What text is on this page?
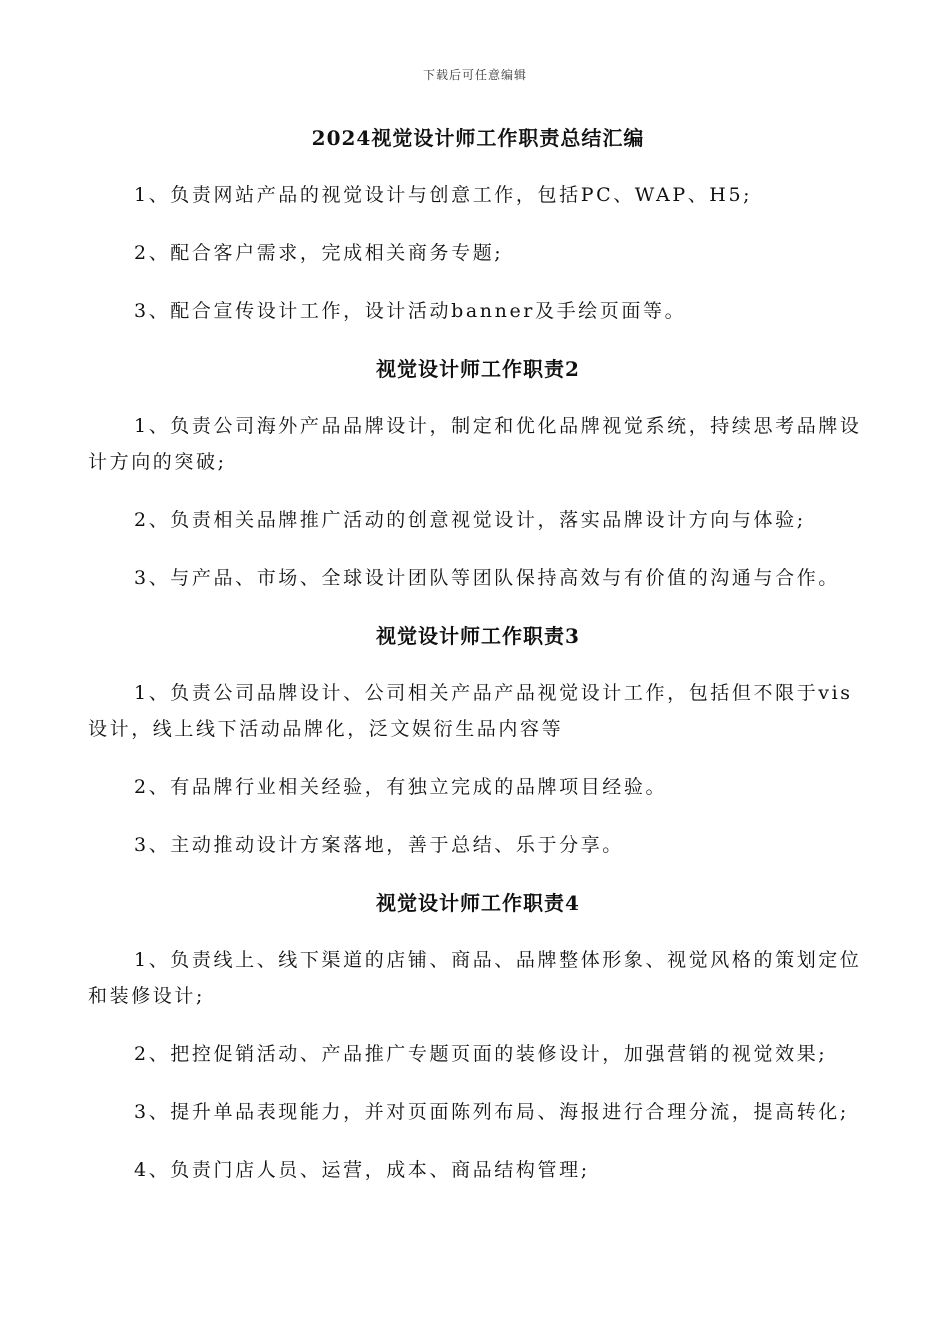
下载后可任意编辑
2024视觉设计师工作职责总结汇编

1、负责网站产品的视觉设计与创意工作，包括PC、WAP、H5;

2、配合客户需求，完成相关商务专题;

3、配合宣传设计工作，设计活动banner及手绘页面等。

视觉设计师工作职责2

1、负责公司海外产品品牌设计，制定和优化品牌视觉系统，持续思考品牌设计方向的突破;

2、负责相关品牌推广活动的创意视觉设计，落实品牌设计方向与体验;

3、与产品、市场、全球设计团队等团队保持高效与有价值的沟通与合作。

视觉设计师工作职责3

1、负责公司品牌设计、公司相关产品产品视觉设计工作，包括但不限于vis设计，线上线下活动品牌化，泛文娱衍生品内容等

2、有品牌行业相关经验，有独立完成的品牌项目经验。

3、主动推动设计方案落地，善于总结、乐于分享。

视觉设计师工作职责4

1、负责线上、线下渠道的店铺、商品、品牌整体形象、视觉风格的策划定位和装修设计;

2、把控促销活动、产品推广专题页面的装修设计，加强营销的视觉效果;

3、提升单品表现能力，并对页面陈列布局、海报进行合理分流，提高转化;

4、负责门店人员、运营，成本、商品结构管理;
